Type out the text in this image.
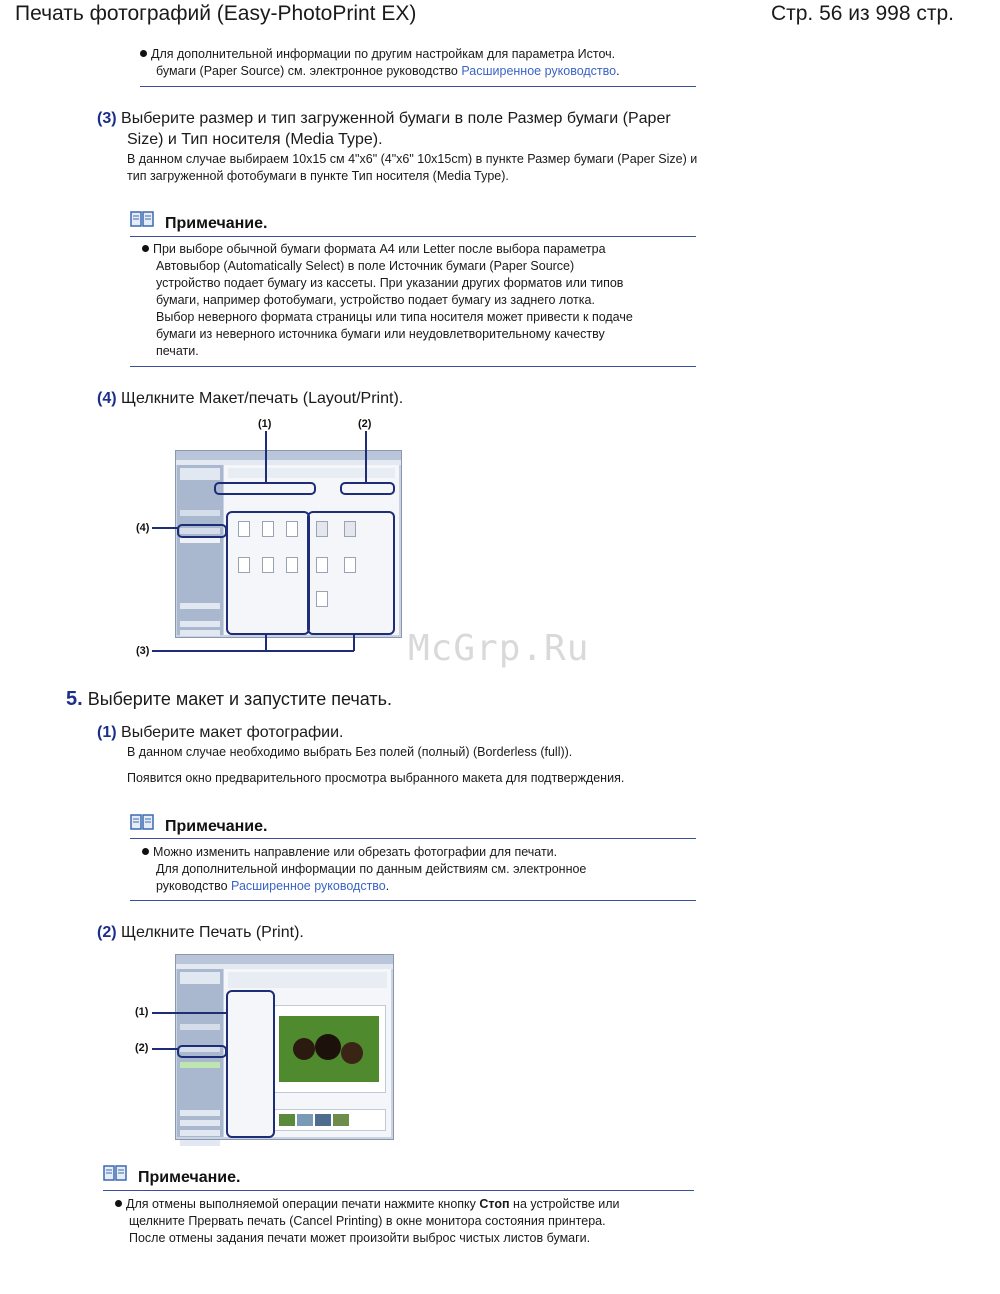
Печать фотографий (Easy-PhotoPrint EX)	Стр. 56 из 998 стр.
Для дополнительной информации по другим настройкам для параметра Источ.
бумаги (Paper Source) см. электронное руководство Расширенное руководство.
(3) Выберите размер и тип загруженной бумаги в поле Размер бумаги (Paper
Size) и Тип носителя (Media Type).
В данном случае выбираем 10x15 см 4"x6" (4"x6" 10x15cm) в пункте Размер бумаги (Paper Size) и
тип загруженной фотобумаги в пункте Тип носителя (Media Type).
Примечание.
При выборе обычной бумаги формата A4 или Letter после выбора параметра
Автовыбор (Automatically Select) в поле Источник бумаги (Paper Source)
устройство подает бумагу из кассеты. При указании других форматов или типов
бумаги, например фотобумаги, устройство подает бумагу из заднего лотка.
Выбор неверного формата страницы или типа носителя может привести к подаче
бумаги из неверного источника бумаги или неудовлетворительному качеству
печати.
(4) Щелкните Макет/печать (Layout/Print).
(1)	(2)
(4)
(3)	McGrp.Ru
5. Выберите макет и запустите печать.
(1) Выберите макет фотографии.
В данном случае необходимо выбрать Без полей (полный) (Borderless (full)).
Появится окно предварительного просмотра выбранного макета для подтверждения.
Примечание.
Можно изменить направление или обрезать фотографии для печати.
Для дополнительной информации по данным действиям см. электронное
руководство Расширенное руководство.
(2) Щелкните Печать (Print).
(1)
(2)
Примечание.
Для отмены выполняемой операции печати нажмите кнопку Стоп на устройстве или
щелкните Прервать печать (Cancel Printing) в окне монитора состояния принтера.
После отмены задания печати может произойти выброс чистых листов бумаги.
